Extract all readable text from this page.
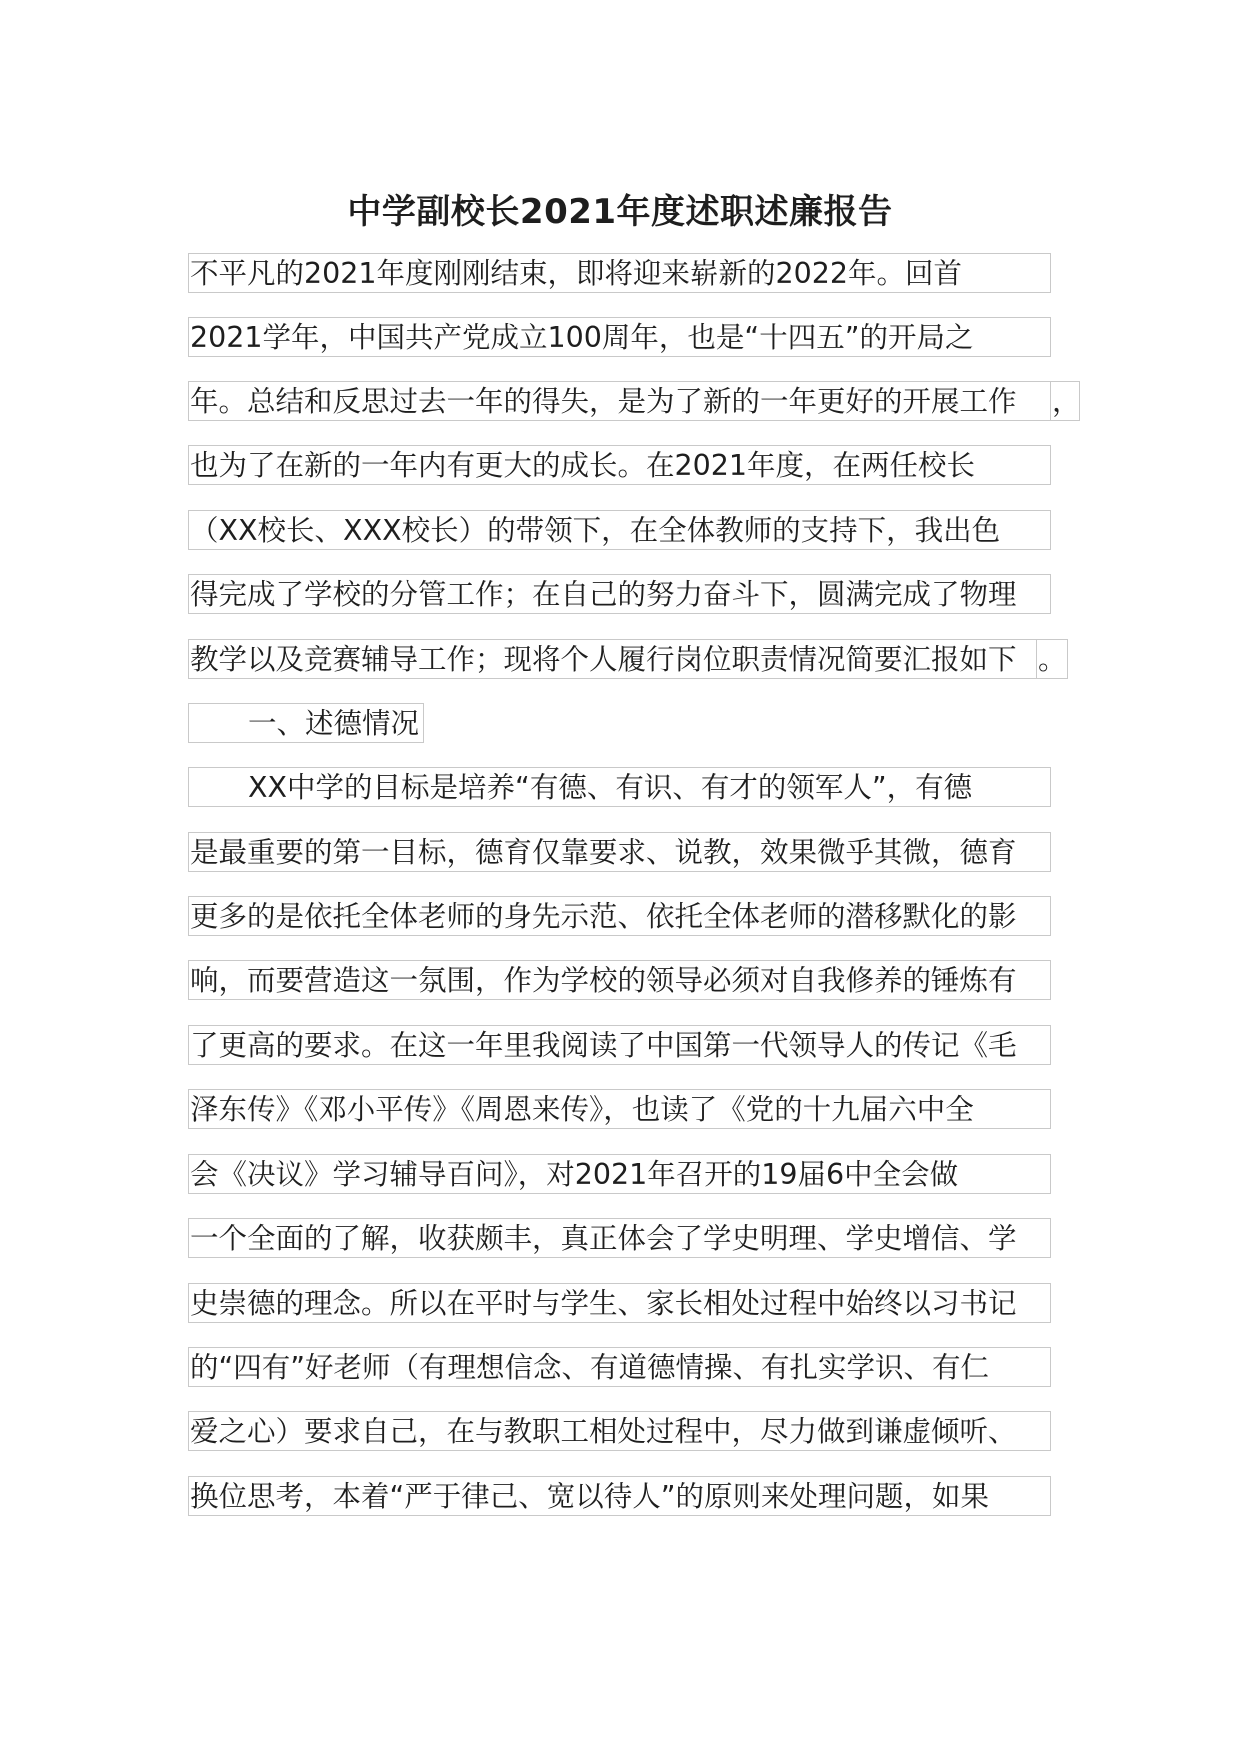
中学副校长2021年度述职述廉报告
不平凡的2021年度刚刚结束，即将迎来崭新的2022年。回首
2021学年，中国共产党成立100周年，也是“十四五”的开局之
年。总结和反思过去一年的得失，是为了新的一年更好的开展工作	，
也为了在新的一年内有更大的成长。在2021年度，在两任校长
（XX校长、XXX校长）的带领下，在全体教师的支持下，我出色
得完成了学校的分管工作；在自己的努力奋斗下，圆满完成了物理
教学以及竞赛辅导工作；现将个人履行岗位职责情况简要汇报如下 。
一、述德情况
XX中学的目标是培养“有德、有识、有才的领军人”，有德
是最重要的第一目标，德育仅靠要求、说教，效果微乎其微，德育
更多的是依托全体老师的身先示范、依托全体老师的潜移默化的影
响，而要营造这一氛围，作为学校的领导必须对自我修养的锤炼有
了更高的要求。在这一年里我阅读了中国第一代领导人的传记《毛
泽东传》《邓小平传》《周恩来传》，也读了《党的十九届六中全
会《决议》学习辅导百问》，对2021年召开的19届6中全会做
一个全面的了解，收获颇丰，真正体会了学史明理、学史增信、学
史崇德的理念。所以在平时与学生、家长相处过程中始终以习书记
的“四有”好老师（有理想信念、有道德情操、有扎实学识、有仁
爱之心）要求自己，在与教职工相处过程中，尽力做到谦虚倾听、
换位思考，本着“严于律己、宽以待人”的原则来处理问题，如果
